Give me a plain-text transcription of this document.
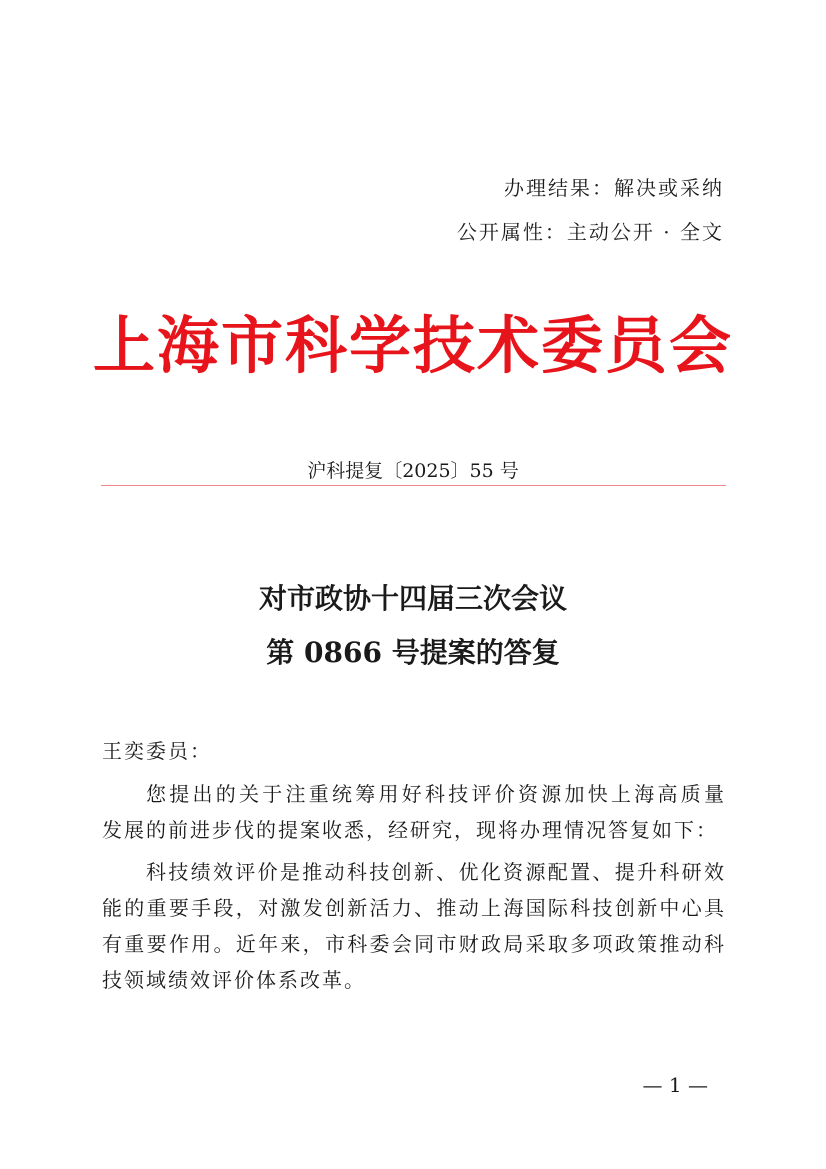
办理结果：解决或采纳
公开属性：主动公开 · 全文
上海市科学技术委员会
沪科提复〔2025〕55 号
对市政协十四届三次会议
第 0866 号提案的答复
王奕委员：
您提出的关于注重统筹用好科技评价资源加快上海高质量
发展的前进步伐的提案收悉，经研究，现将办理情况答复如下：
科技绩效评价是推动科技创新、优化资源配置、提升科研效
能的重要手段，对激发创新活力、推动上海国际科技创新中心具
有重要作用。近年来，市科委会同市财政局采取多项政策推动科
技领域绩效评价体系改革。
— 1 —
